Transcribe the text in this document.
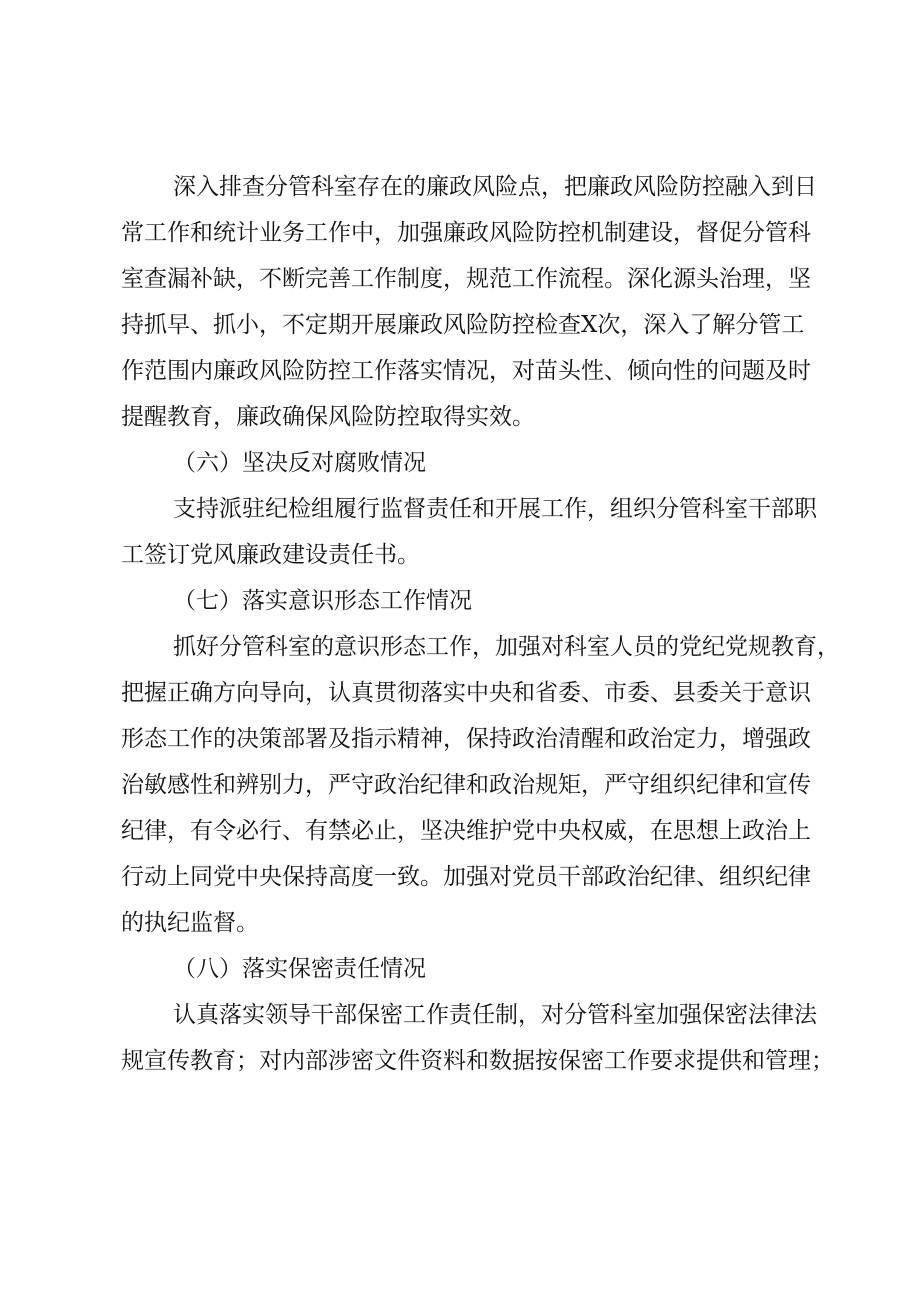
深入排查分管科室存在的廉政风险点，把廉政风险防控融入到日
常工作和统计业务工作中，加强廉政风险防控机制建设，督促分管科
室查漏补缺，不断完善工作制度，规范工作流程。深化源头治理，坚
持抓早、抓小，不定期开展廉政风险防控检查X次，深入了解分管工
作范围内廉政风险防控工作落实情况，对苗头性、倾向性的问题及时
提醒教育，廉政确保风险防控取得实效。
（六）坚决反对腐败情况
支持派驻纪检组履行监督责任和开展工作，组织分管科室干部职
工签订党风廉政建设责任书。
（七）落实意识形态工作情况
抓好分管科室的意识形态工作，加强对科室人员的党纪党规教育，
把握正确方向导向，认真贯彻落实中央和省委、市委、县委关于意识
形态工作的决策部署及指示精神，保持政治清醒和政治定力，增强政
治敏感性和辨别力，严守政治纪律和政治规矩，严守组织纪律和宣传
纪律，有令必行、有禁必止，坚决维护党中央权威，在思想上政治上
行动上同党中央保持高度一致。加强对党员干部政治纪律、组织纪律
的执纪监督。
（八）落实保密责任情况
认真落实领导干部保密工作责任制，对分管科室加强保密法律法
规宣传教育；对内部涉密文件资料和数据按保密工作要求提供和管理；
